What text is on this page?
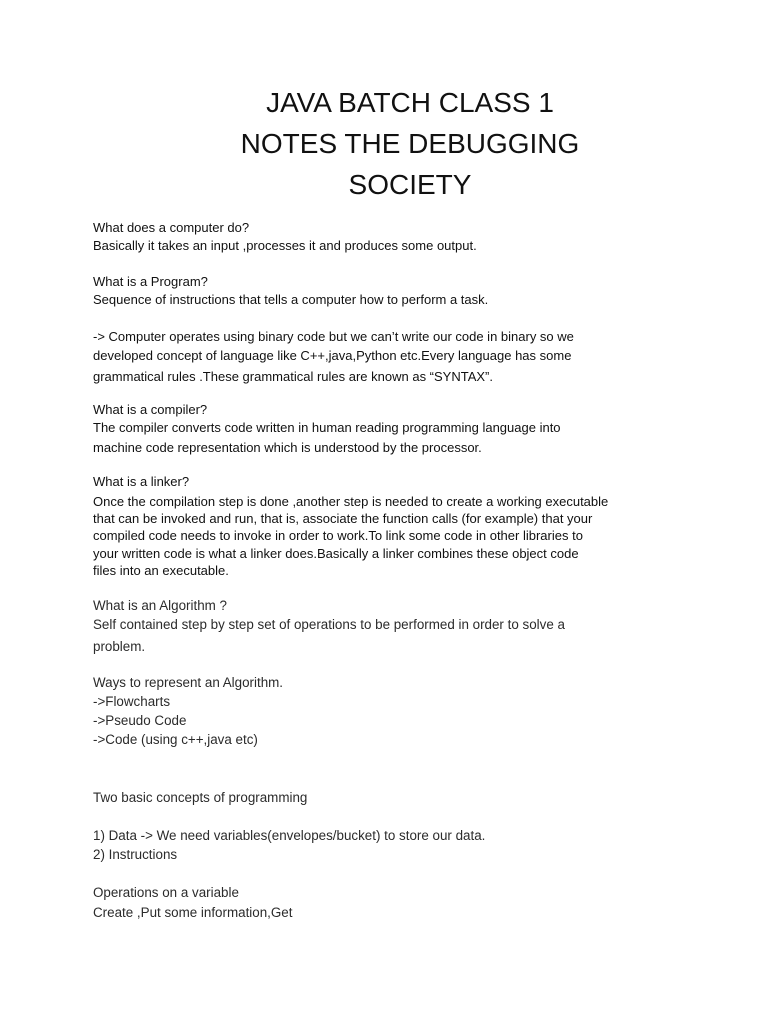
JAVA BATCH CLASS 1
NOTES THE DEBUGGING
SOCIETY
What does a computer do?
Basically it takes an input ,processes it and produces some output.
What is a Program?
Sequence of instructions that tells a computer how to perform a task.
-> Computer operates using binary code but we can’t write our code in binary so we
developed concept of language like C++,java,Python etc.Every language has some
grammatical rules .These grammatical rules are known as “SYNTAX”.
What is a compiler?
The compiler converts code written in human reading programming language into
machine code representation which is understood by the processor.
What is a linker?
Once the compilation step is done ,another step is needed to create a working executable
that can be invoked and run, that is, associate the function calls (for example) that your
compiled code needs to invoke in order to work.To link some code in other libraries to
your written code is what a linker does.Basically a linker combines these object code
files into an executable.
What is an Algorithm ?
Self contained step by step set of operations to be performed in order to solve a
problem.
Ways to represent an Algorithm.
->Flowcharts
->Pseudo Code
->Code (using c++,java etc)
Two basic concepts of programming
1) Data -> We need variables(envelopes/bucket) to store our data.
2) Instructions
Operations on a variable
Create ,Put some information,Get
